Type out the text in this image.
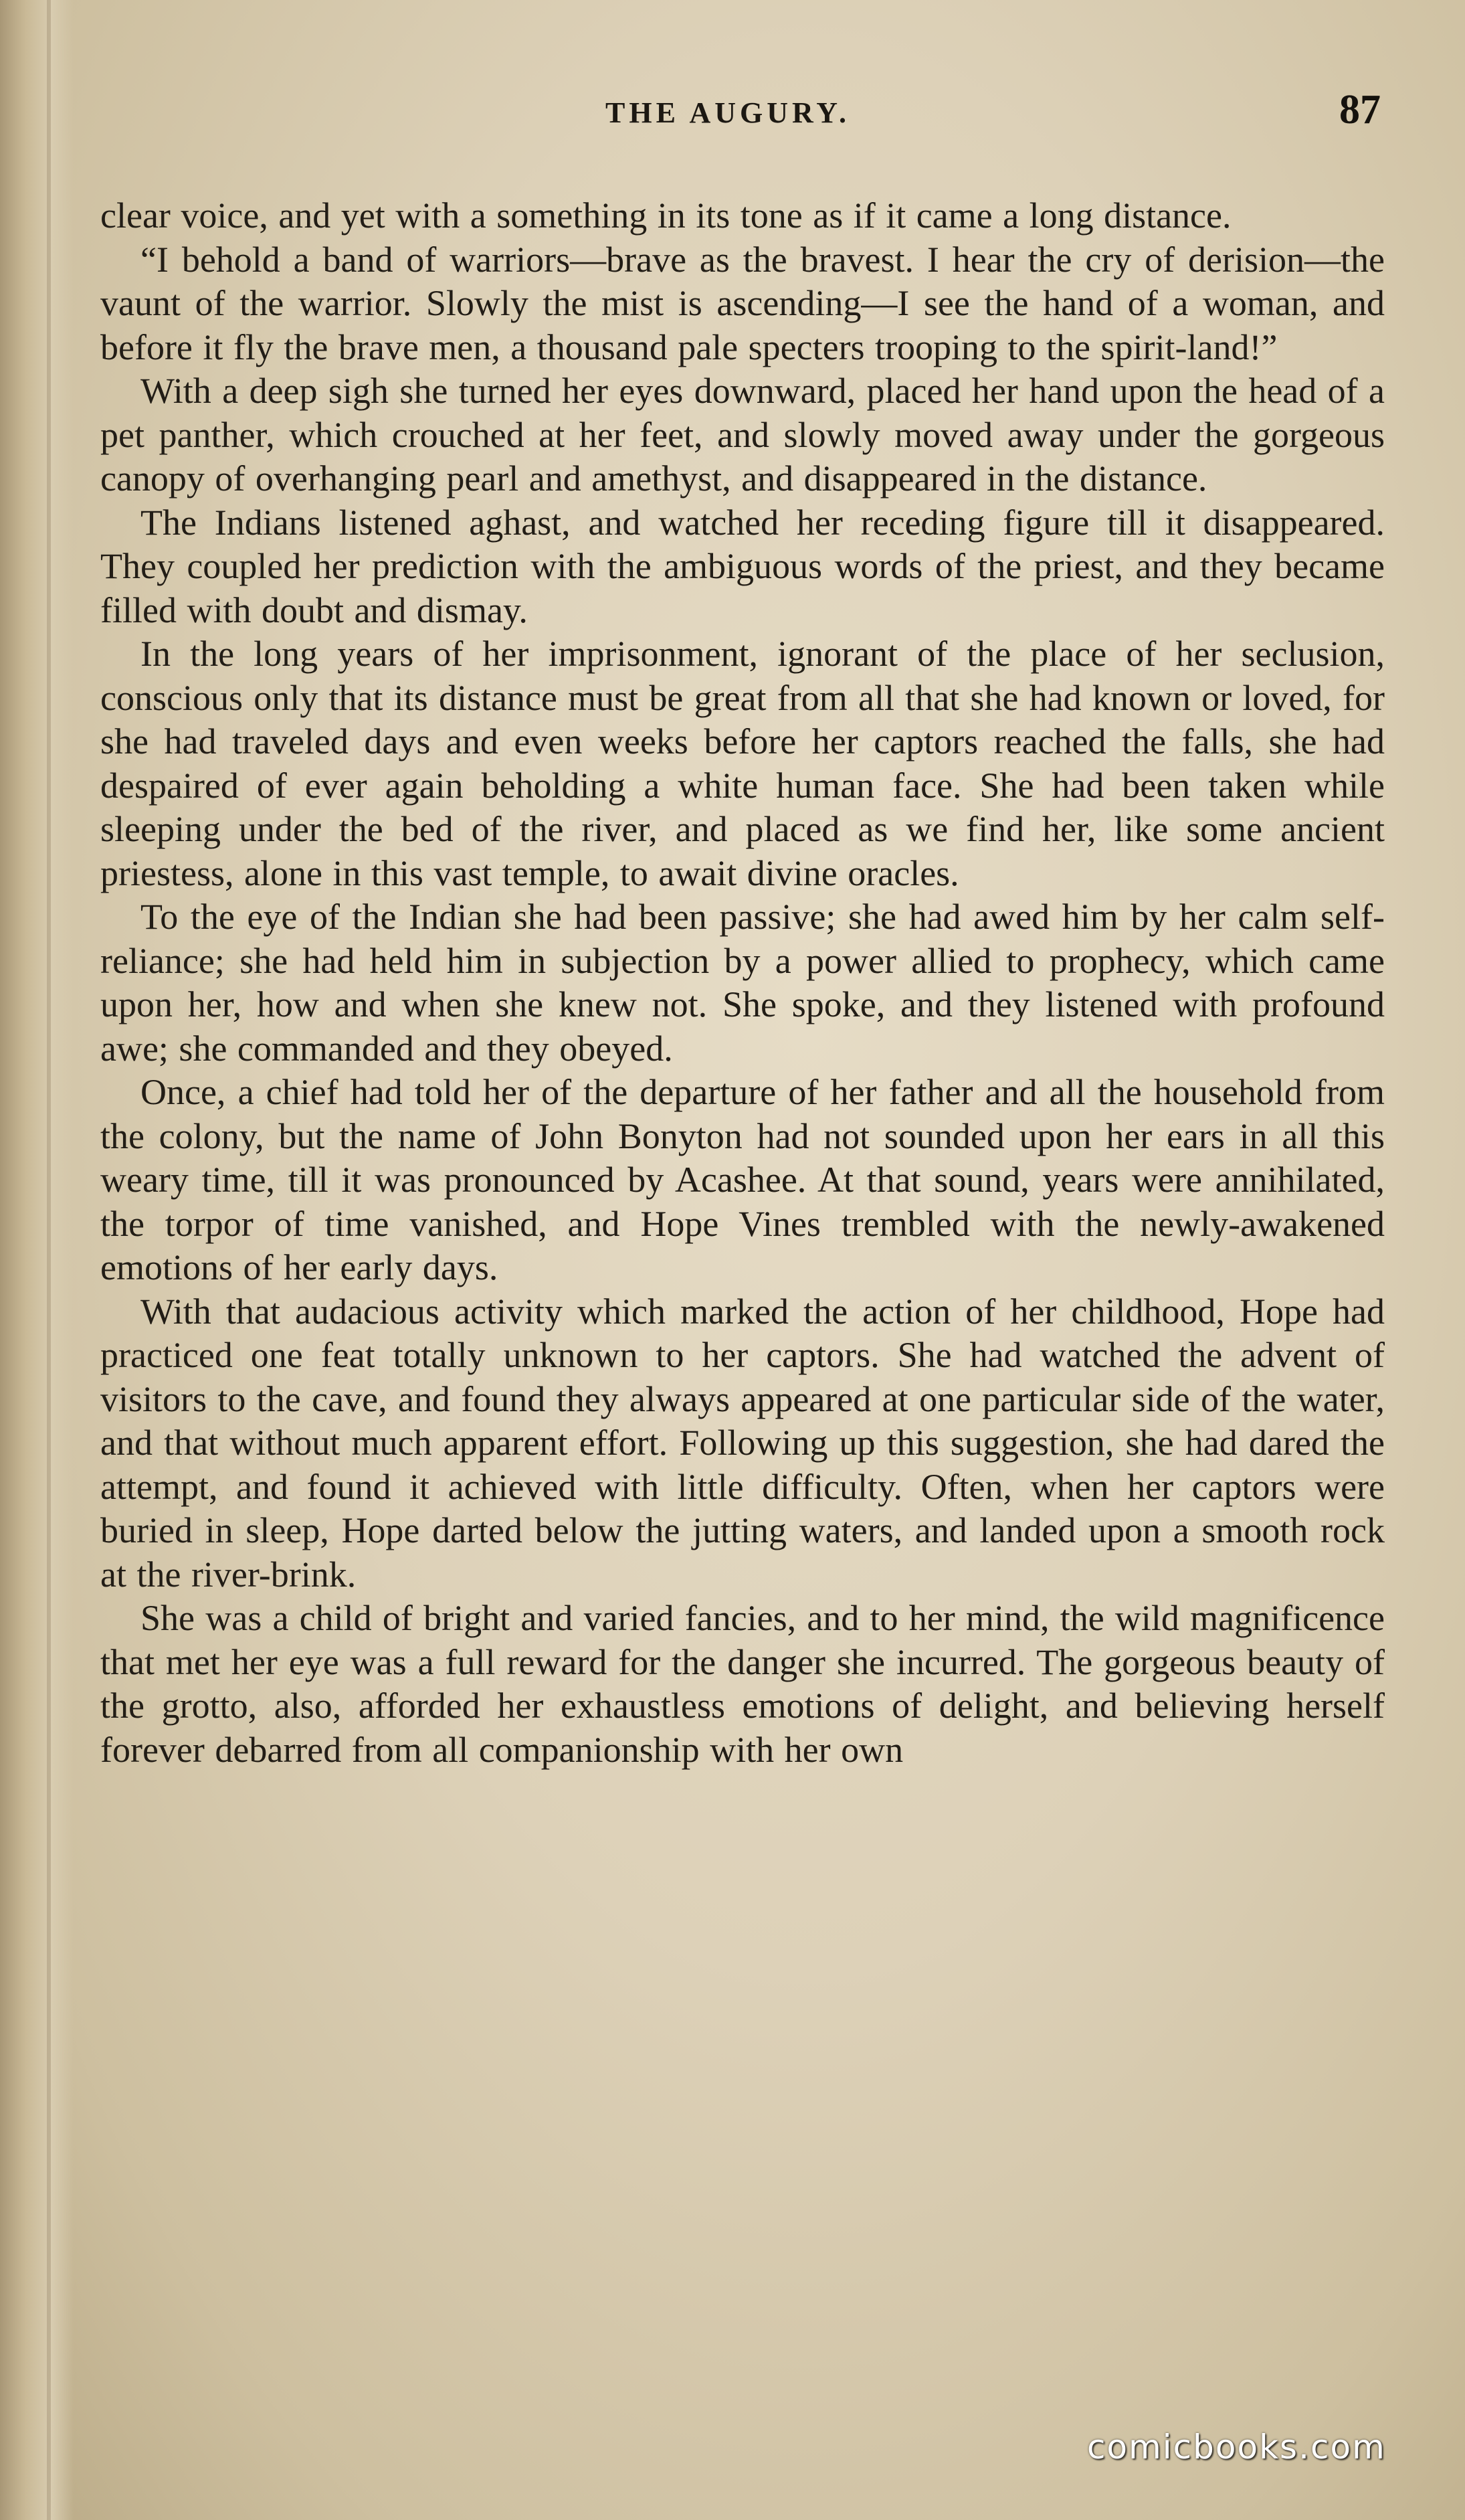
THE AUGURY.	87

clear voice, and yet with a something in its tone as if it came a long distance.

“I behold a band of warriors—brave as the bravest. I hear the cry of derision—the vaunt of the warrior. Slowly the mist is ascending—I see the hand of a woman, and before it fly the brave men, a thousand pale specters trooping to the spirit-land!”

With a deep sigh she turned her eyes downward, placed her hand upon the head of a pet panther, which crouched at her feet, and slowly moved away under the gorgeous canopy of overhanging pearl and amethyst, and disappeared in the distance.

The Indians listened aghast, and watched her receding figure till it disappeared. They coupled her prediction with the ambiguous words of the priest, and they became filled with doubt and dismay.

In the long years of her imprisonment, ignorant of the place of her seclusion, conscious only that its distance must be great from all that she had known or loved, for she had traveled days and even weeks before her captors reached the falls, she had despaired of ever again beholding a white human face. She had been taken while sleeping under the bed of the river, and placed as we find her, like some ancient priestess, alone in this vast temple, to await divine oracles.

To the eye of the Indian she had been passive; she had awed him by her calm self-reliance; she had held him in subjection by a power allied to prophecy, which came upon her, how and when she knew not. She spoke, and they listened with profound awe; she commanded and they obeyed.

Once, a chief had told her of the departure of her father and all the household from the colony, but the name of John Bonyton had not sounded upon her ears in all this weary time, till it was pronounced by Acashee. At that sound, years were annihilated, the torpor of time vanished, and Hope Vines trembled with the newly-awakened emotions of her early days.

With that audacious activity which marked the action of her childhood, Hope had practiced one feat totally unknown to her captors. She had watched the advent of visitors to the cave, and found they always appeared at one particular side of the water, and that without much apparent effort. Following up this suggestion, she had dared the attempt, and found it achieved with little difficulty. Often, when her captors were buried in sleep, Hope darted below the jutting waters, and landed upon a smooth rock at the river-brink.

She was a child of bright and varied fancies, and to her mind, the wild magnificence that met her eye was a full reward for the danger she incurred. The gorgeous beauty of the grotto, also, afforded her exhaustless emotions of delight, and believing herself forever debarred from all companionship with her own

comicbooks.com
